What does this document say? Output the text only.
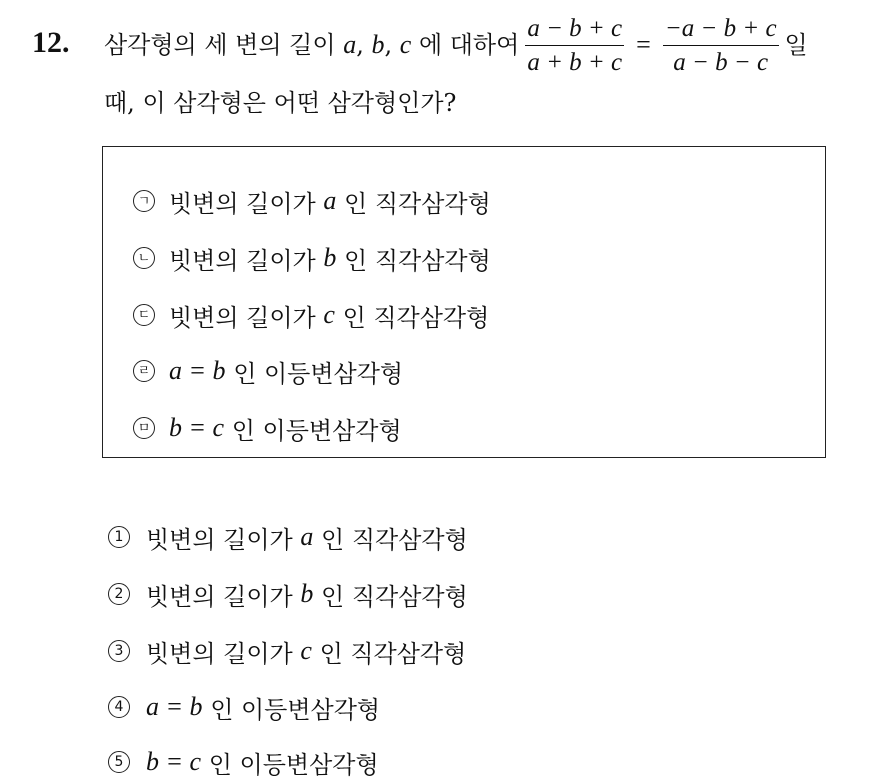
12. 삼각형의 세 변의 길이
a ,
b ,
c
에 대하여 $\frac{a - b + c}{a + b + c} = \frac{-a - b + c}{a - b - c}$ 일
때, 이 삼각형은 어떤 삼각형인가?
ㄱ 빗변의 길이가
a
인 직각삼각형
ㄴ 빗변의 길이가
b
인 직각삼각형
ㄷ 빗변의 길이가
c
인 직각삼각형
ㄹ a = b
인 이등변삼각형
ㅁ b = c
인 이등변삼각형
1 빗변의 길이가
a
인 직각삼각형
2 빗변의 길이가
b
인 직각삼각형
3 빗변의 길이가
c
인 직각삼각형
4 a = b
인 이등변삼각형
5 b = c
인 이등변삼각형
